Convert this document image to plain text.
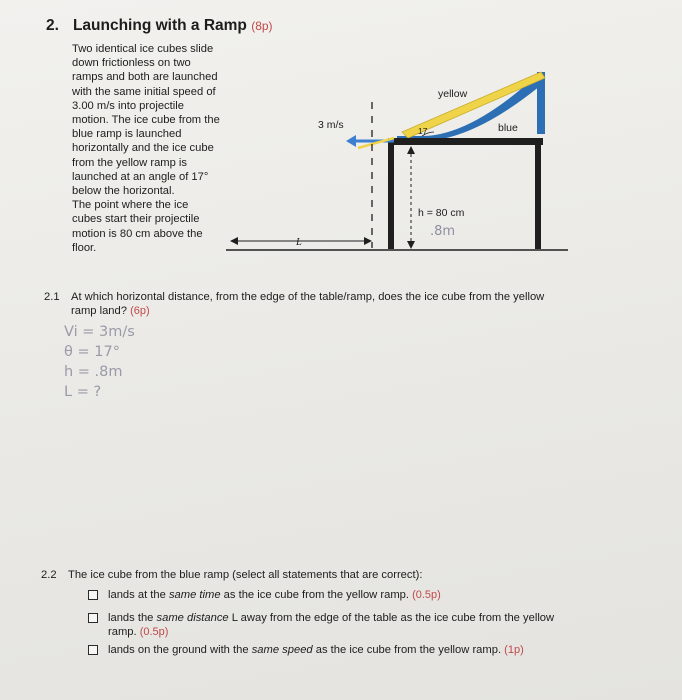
2. Launching with a Ramp (8p)

Two identical ice cubes slide down frictionless on two ramps and both are launched with the same initial speed of 3.00 m/s into projectile motion. The ice cube from the blue ramp is launched horizontally and the ice cube from the yellow ramp is launched at an angle of 17° below the horizontal.

The point where the ice cubes start their projectile motion is 80 cm above the floor.

yellow
blue
3 m/s	17
h = 80 cm
.8m
L
2.1 At which horizontal distance, from the edge of the table/ramp, does the ice cube from the yellow
ramp land? (6p)
Vi = 3m/s
θ = 17°
h = .8m
L = ?
2.2 The ice cube from the blue ramp (select all statements that are correct):
lands at the same time as the ice cube from the yellow ramp. (0.5p)
lands the same distance L away from the edge of the table as the ice cube from the yellow
ramp. (0.5p)
lands on the ground with the same speed as the ice cube from the yellow ramp. (1p)
